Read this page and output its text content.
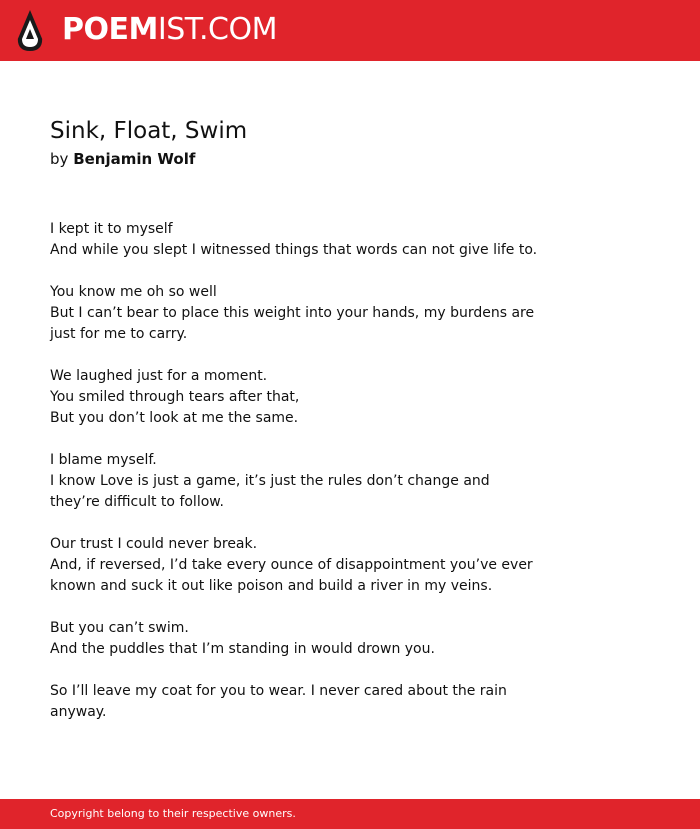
POEMIST.COM
Sink, Float, Swim
by Benjamin Wolf
I kept it to myself
And while you slept I witnessed things that words can not give life to.
You know me oh so well
But I can’t bear to place this weight into your hands, my burdens are
just for me to carry.
We laughed just for a moment.
You smiled through tears after that,
But you don’t look at me the same.
I blame myself.
I know Love is just a game, it’s just the rules don’t change and
they’re difficult to follow.
Our trust I could never break.
And, if reversed, I’d take every ounce of disappointment you’ve ever
known and suck it out like poison and build a river in my veins.
But you can’t swim.
And the puddles that I’m standing in would drown you.
So I’ll leave my coat for you to wear. I never cared about the rain
anyway.
Copyright belong to their respective owners.
